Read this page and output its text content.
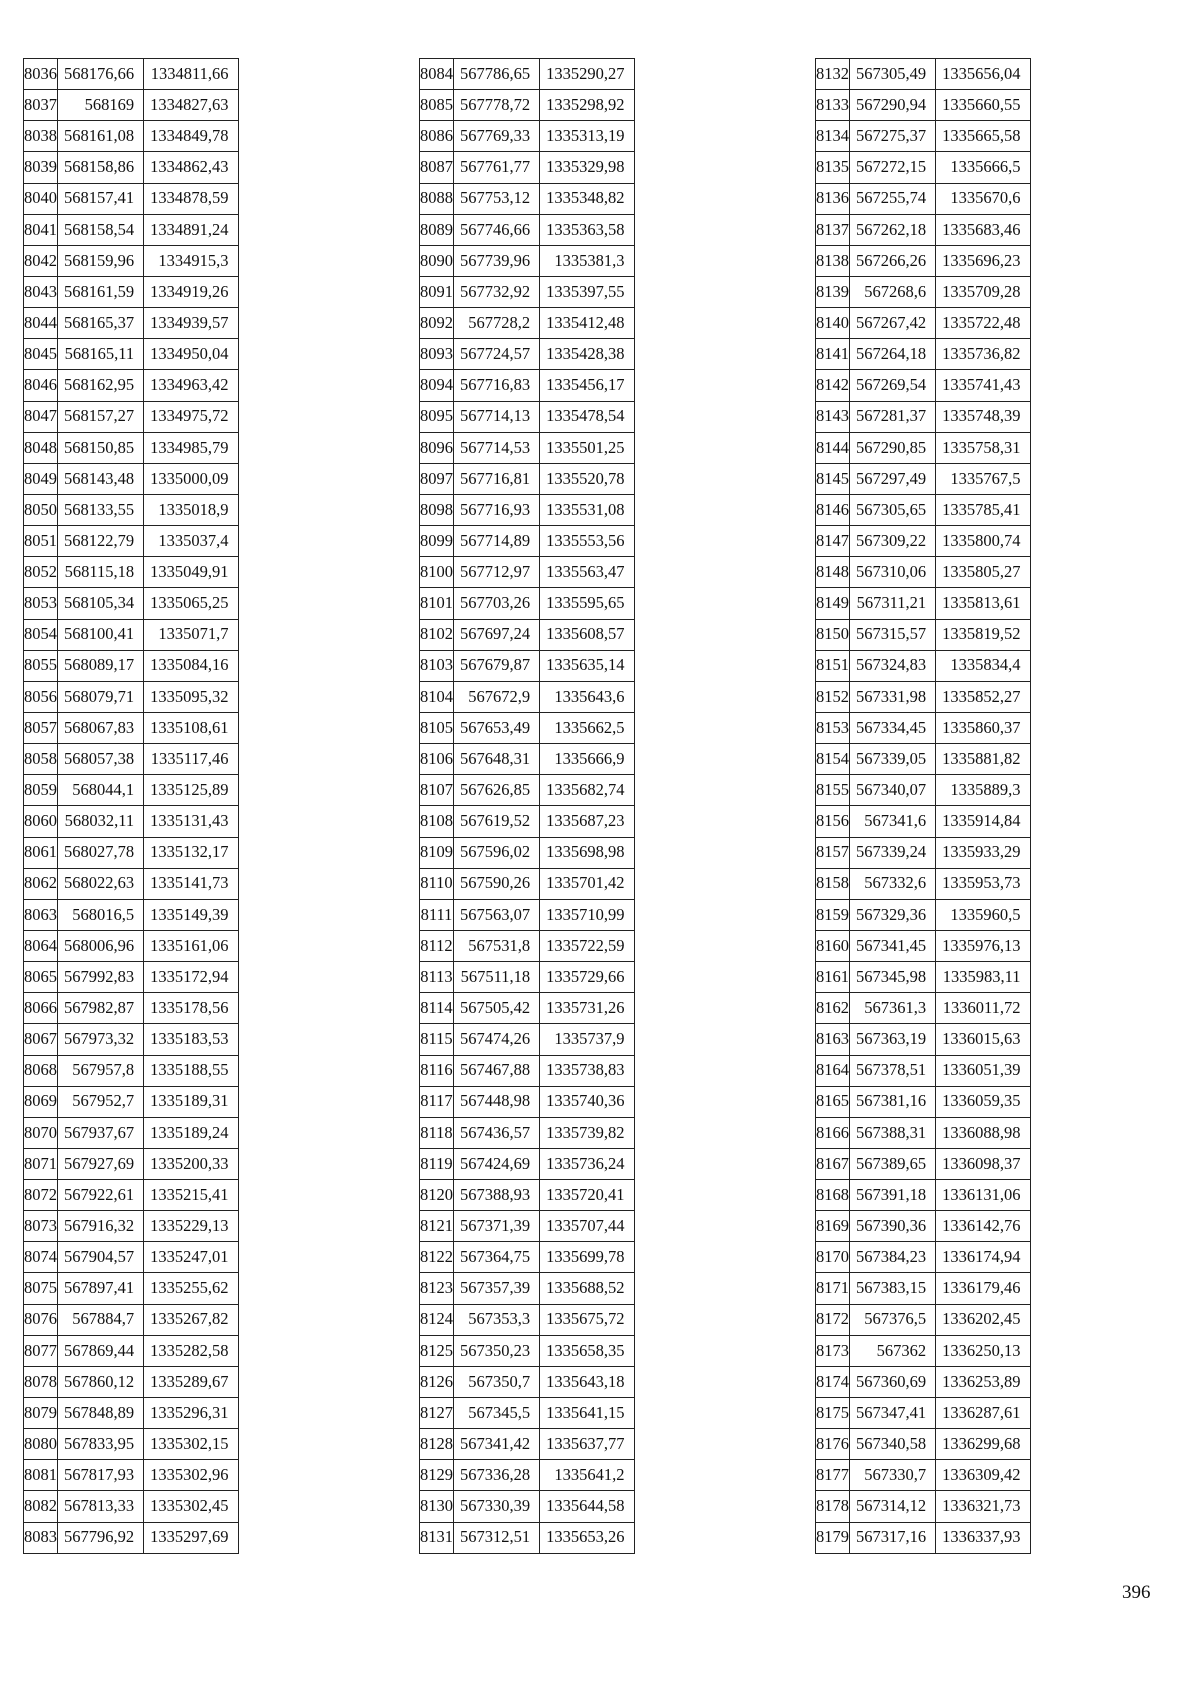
8036	568176,66	1334811,66
8037	568169	1334827,63
8038	568161,08	1334849,78
8039	568158,86	1334862,43
8040	568157,41	1334878,59
8041	568158,54	1334891,24
8042	568159,96	1334915,3
8043	568161,59	1334919,26
8044	568165,37	1334939,57
8045	568165,11	1334950,04
8046	568162,95	1334963,42
8047	568157,27	1334975,72
8048	568150,85	1334985,79
8049	568143,48	1335000,09
8050	568133,55	1335018,9
8051	568122,79	1335037,4
8052	568115,18	1335049,91
8053	568105,34	1335065,25
8054	568100,41	1335071,7
8055	568089,17	1335084,16
8056	568079,71	1335095,32
8057	568067,83	1335108,61
8058	568057,38	1335117,46
8059	568044,1	1335125,89
8060	568032,11	1335131,43
8061	568027,78	1335132,17
8062	568022,63	1335141,73
8063	568016,5	1335149,39
8064	568006,96	1335161,06
8065	567992,83	1335172,94
8066	567982,87	1335178,56
8067	567973,32	1335183,53
8068	567957,8	1335188,55
8069	567952,7	1335189,31
8070	567937,67	1335189,24
8071	567927,69	1335200,33
8072	567922,61	1335215,41
8073	567916,32	1335229,13
8074	567904,57	1335247,01
8075	567897,41	1335255,62
8076	567884,7	1335267,82
8077	567869,44	1335282,58
8078	567860,12	1335289,67
8079	567848,89	1335296,31
8080	567833,95	1335302,15
8081	567817,93	1335302,96
8082	567813,33	1335302,45
8083	567796,92	1335297,69
8084	567786,65	1335290,27
8085	567778,72	1335298,92
8086	567769,33	1335313,19
8087	567761,77	1335329,98
8088	567753,12	1335348,82
8089	567746,66	1335363,58
8090	567739,96	1335381,3
8091	567732,92	1335397,55
8092	567728,2	1335412,48
8093	567724,57	1335428,38
8094	567716,83	1335456,17
8095	567714,13	1335478,54
8096	567714,53	1335501,25
8097	567716,81	1335520,78
8098	567716,93	1335531,08
8099	567714,89	1335553,56
8100	567712,97	1335563,47
8101	567703,26	1335595,65
8102	567697,24	1335608,57
8103	567679,87	1335635,14
8104	567672,9	1335643,6
8105	567653,49	1335662,5
8106	567648,31	1335666,9
8107	567626,85	1335682,74
8108	567619,52	1335687,23
8109	567596,02	1335698,98
8110	567590,26	1335701,42
8111	567563,07	1335710,99
8112	567531,8	1335722,59
8113	567511,18	1335729,66
8114	567505,42	1335731,26
8115	567474,26	1335737,9
8116	567467,88	1335738,83
8117	567448,98	1335740,36
8118	567436,57	1335739,82
8119	567424,69	1335736,24
8120	567388,93	1335720,41
8121	567371,39	1335707,44
8122	567364,75	1335699,78
8123	567357,39	1335688,52
8124	567353,3	1335675,72
8125	567350,23	1335658,35
8126	567350,7	1335643,18
8127	567345,5	1335641,15
8128	567341,42	1335637,77
8129	567336,28	1335641,2
8130	567330,39	1335644,58
8131	567312,51	1335653,26
8132	567305,49	1335656,04
8133	567290,94	1335660,55
8134	567275,37	1335665,58
8135	567272,15	1335666,5
8136	567255,74	1335670,6
8137	567262,18	1335683,46
8138	567266,26	1335696,23
8139	567268,6	1335709,28
8140	567267,42	1335722,48
8141	567264,18	1335736,82
8142	567269,54	1335741,43
8143	567281,37	1335748,39
8144	567290,85	1335758,31
8145	567297,49	1335767,5
8146	567305,65	1335785,41
8147	567309,22	1335800,74
8148	567310,06	1335805,27
8149	567311,21	1335813,61
8150	567315,57	1335819,52
8151	567324,83	1335834,4
8152	567331,98	1335852,27
8153	567334,45	1335860,37
8154	567339,05	1335881,82
8155	567340,07	1335889,3
8156	567341,6	1335914,84
8157	567339,24	1335933,29
8158	567332,6	1335953,73
8159	567329,36	1335960,5
8160	567341,45	1335976,13
8161	567345,98	1335983,11
8162	567361,3	1336011,72
8163	567363,19	1336015,63
8164	567378,51	1336051,39
8165	567381,16	1336059,35
8166	567388,31	1336088,98
8167	567389,65	1336098,37
8168	567391,18	1336131,06
8169	567390,36	1336142,76
8170	567384,23	1336174,94
8171	567383,15	1336179,46
8172	567376,5	1336202,45
8173	567362	1336250,13
8174	567360,69	1336253,89
8175	567347,41	1336287,61
8176	567340,58	1336299,68
8177	567330,7	1336309,42
8178	567314,12	1336321,73
8179	567317,16	1336337,93
396
